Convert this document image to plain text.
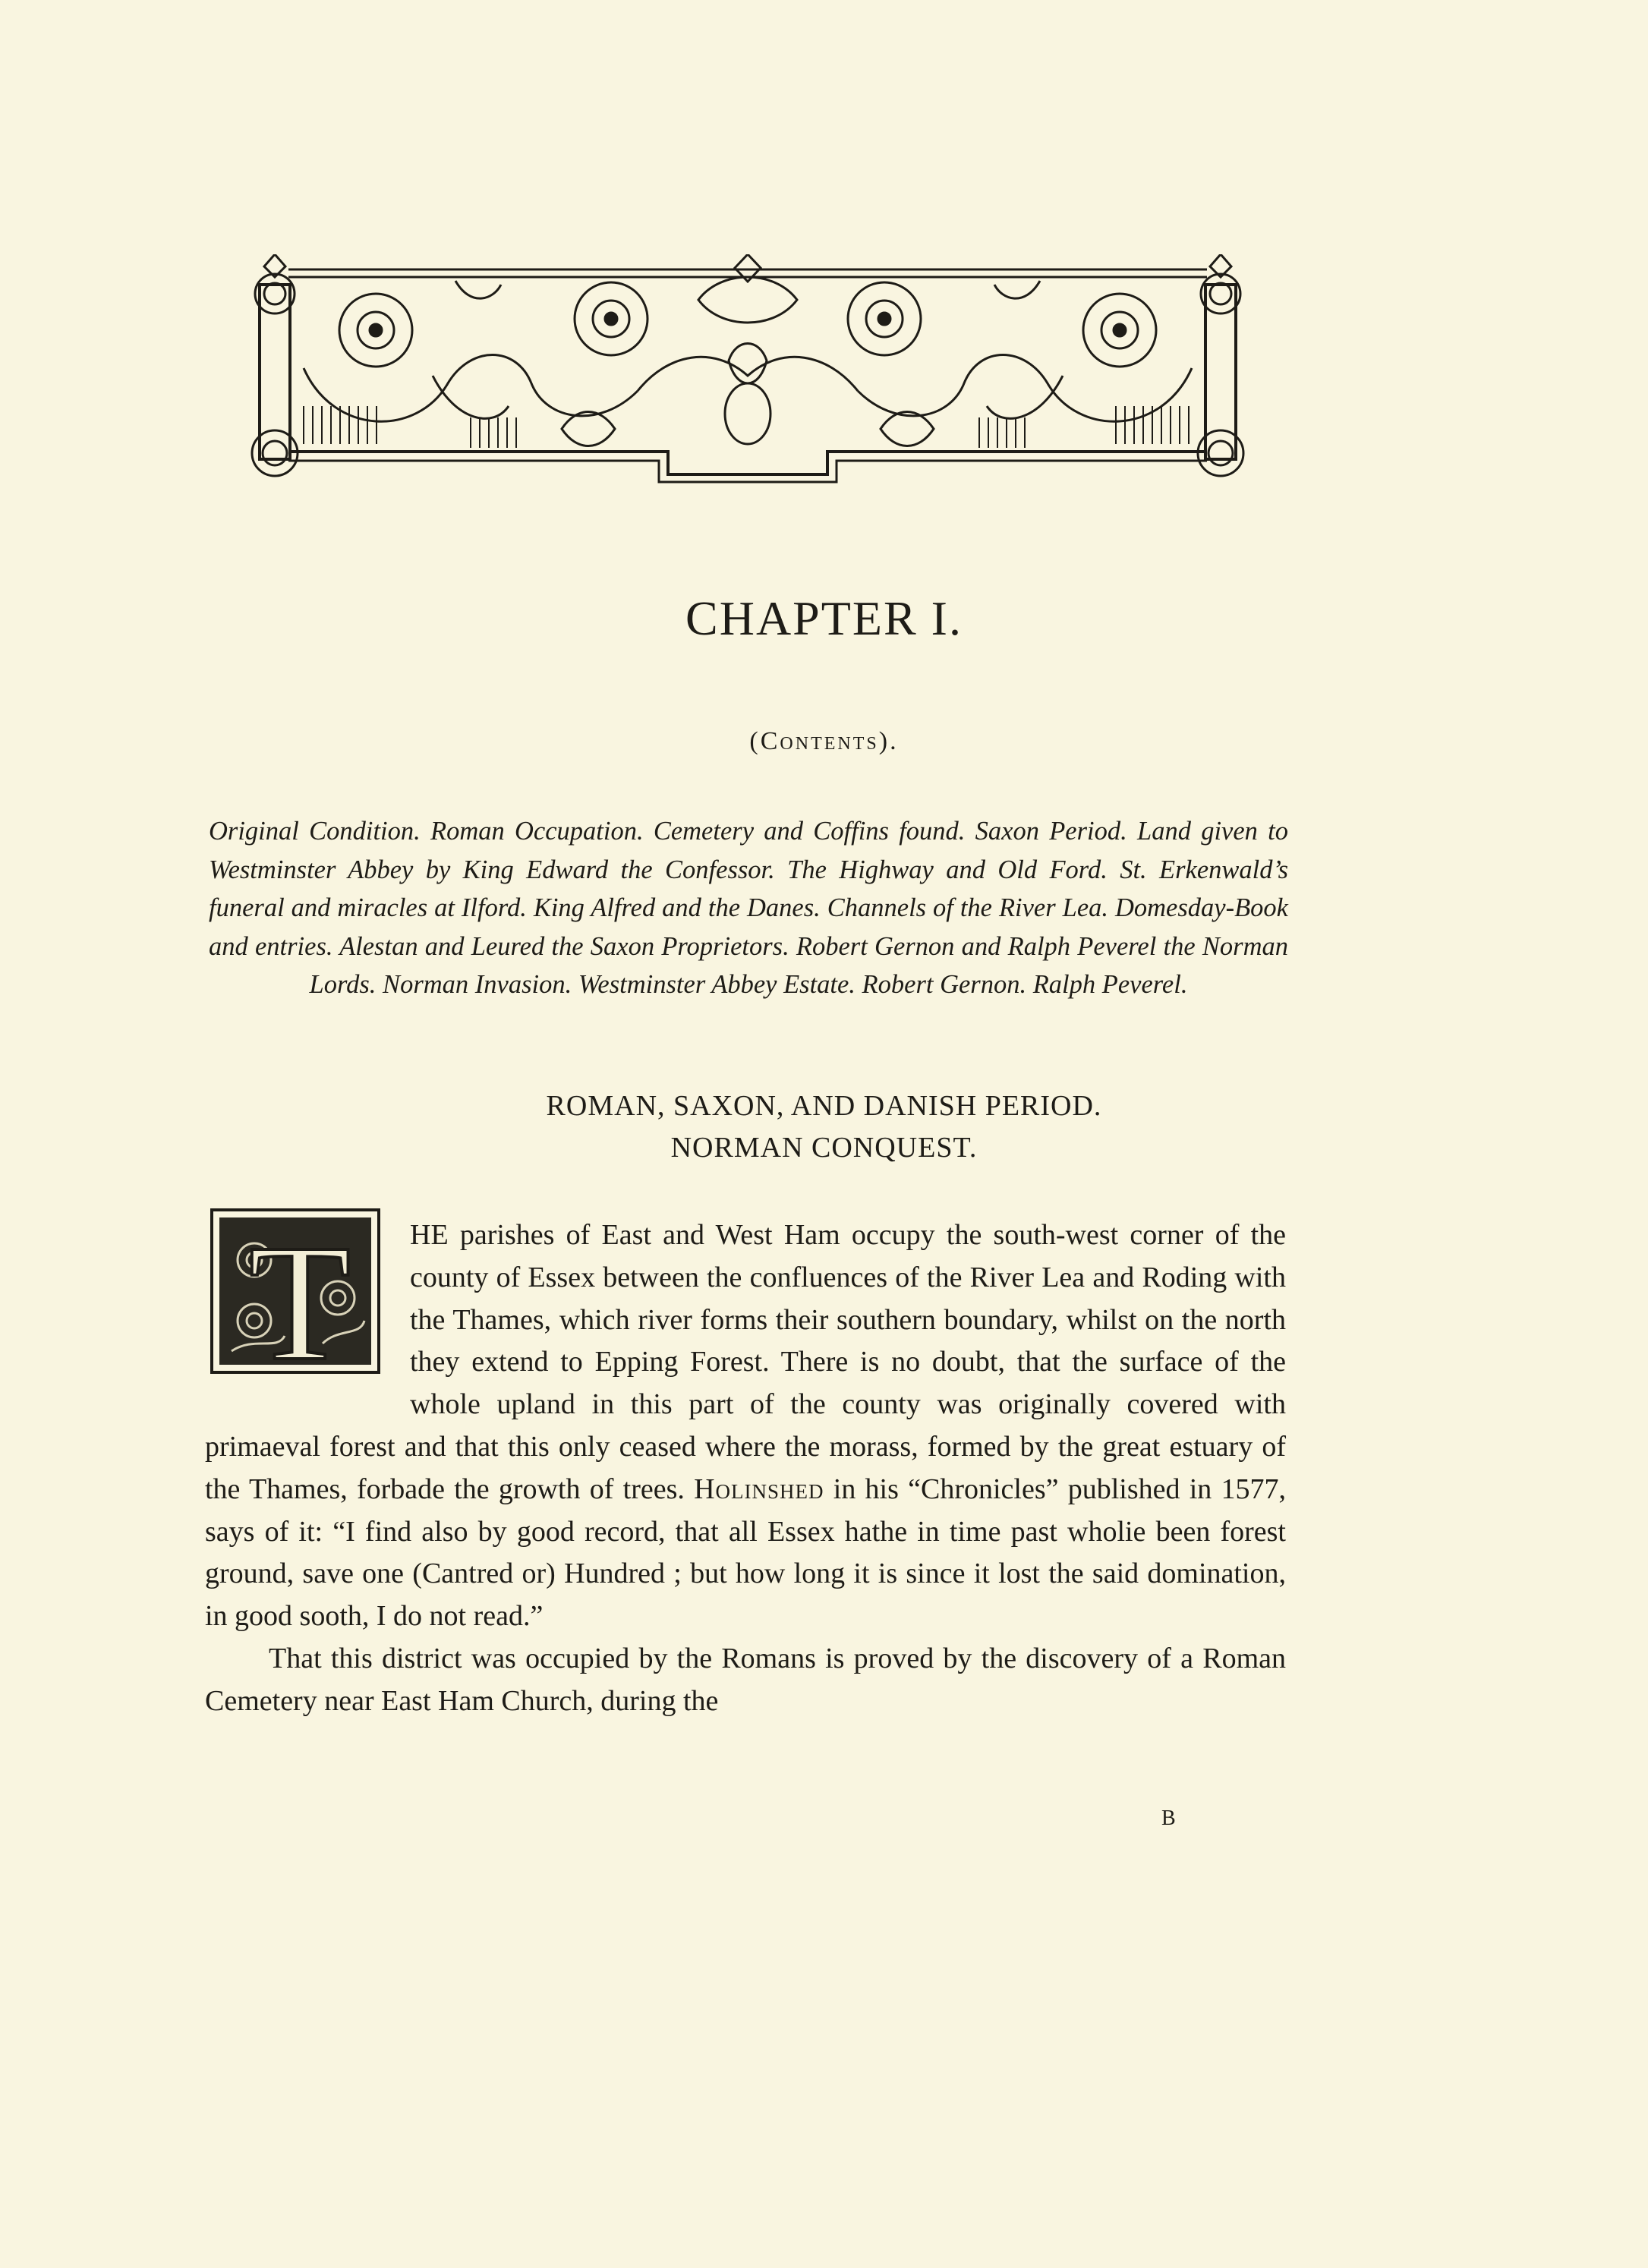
CHAPTER I.
(Contents).
Original Condition. Roman Occupation. Cemetery and Coffins found. Saxon Period. Land given to Westminster Abbey by King Edward the Confessor. The Highway and Old Ford. St. Erkenwald’s funeral and miracles at Ilford. King Alfred and the Danes. Channels of the River Lea. Domesday-Book and entries. Alestan and Leured the Saxon Proprietors. Robert Gernon and Ralph Peverel the Norman Lords. Norman Invasion. Westminster Abbey Estate. Robert Gernon. Ralph Peverel.
ROMAN, SAXON, AND DANISH PERIOD.
NORMAN CONQUEST.
T	HE parishes of East and West Ham occupy the south-west corner of the county of Essex between the confluences of the River Lea and Roding with the Thames, which river forms their southern boundary, whilst on the north they extend to Epping Forest. There is no doubt, that the surface of the whole upland in this part of the county was originally covered with primaeval forest and that this only ceased where the morass, formed by the great estuary of the Thames, forbade the growth of trees. Holinshed in his “Chronicles” published in 1577, says of it: “I find also by good record, that all Essex hathe in time past wholie been forest ground, save one (Cantred or) Hundred ; but how long it is since it lost the said domination, in good sooth, I do not read.”

That this district was occupied by the Romans is proved by the discovery of a Roman Cemetery near East Ham Church, during the

B
